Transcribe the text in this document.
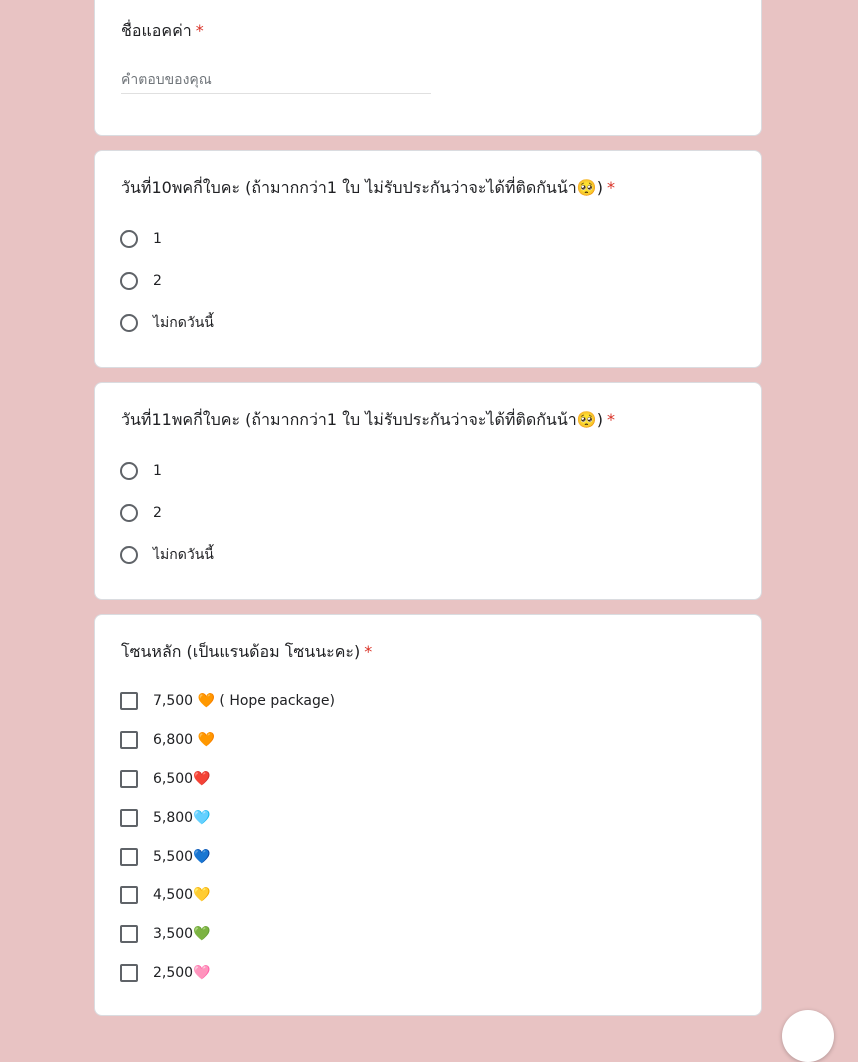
ชื่อแอคค่า *
คำตอบของคุณ
วันที่10พคกี่ใบคะ (ถ้ามากกว่า1 ใบ ไม่รับประกันว่าจะได้ที่ติดกันน้า🥺) *
1
2
ไม่กดวันนี้
วันที่11พคกี่ใบคะ (ถ้ามากกว่า1 ใบ ไม่รับประกันว่าจะได้ที่ติดกันน้า🥺) *
1
2
ไม่กดวันนี้
โซนหลัก (เป็นแรนด้อม โซนนะคะ) *
7,500 🧡 ( Hope package)
6,800 🧡
6,500❤️
5,800🩵
5,500💙
4,500💛
3,500💚
2,500🩷
